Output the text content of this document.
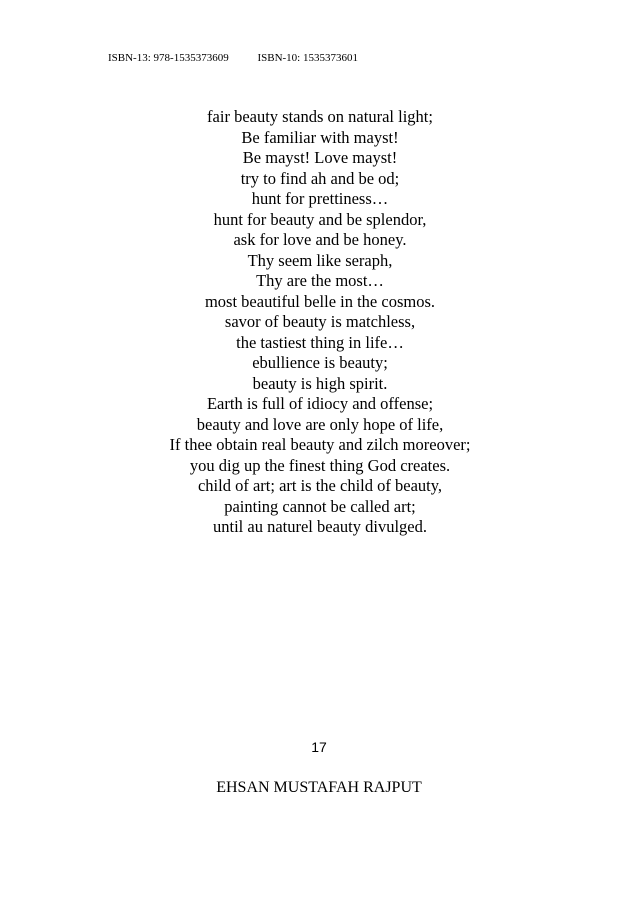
ISBN-13: 978-1535373609	ISBN-10: 1535373601
fair beauty stands on natural light;
Be familiar with mayst!
Be mayst! Love mayst!
try to find ah and be od;
hunt for prettiness…
hunt for beauty and be splendor,
ask for love and be honey.
Thy seem like seraph,
Thy are the most…
most beautiful belle in the cosmos.
savor of beauty is matchless,
the tastiest thing in life…
ebullience is beauty;
beauty is high spirit.
Earth is full of idiocy and offense;
beauty and love are only hope of life,
If thee obtain real beauty and zilch moreover;
you dig up the finest thing God creates.
child of art; art is the child of beauty,
painting cannot be called art;
until au naturel beauty divulged.
17
EHSAN MUSTAFAH RAJPUT
